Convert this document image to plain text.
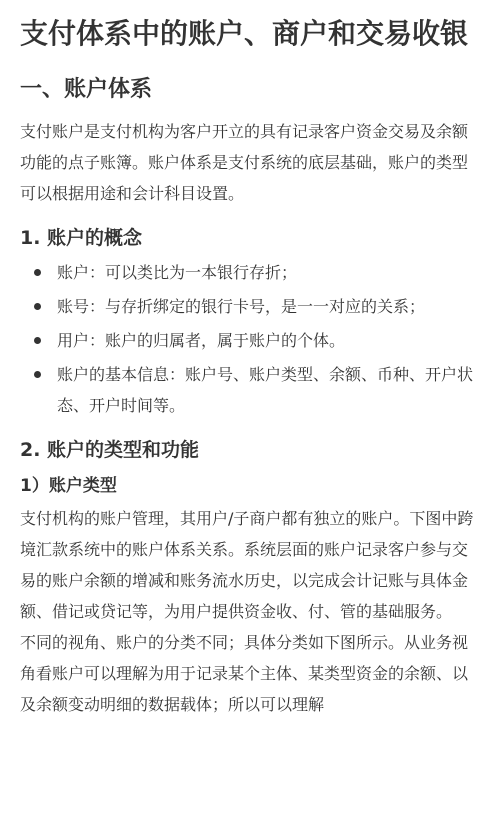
支付体系中的账户、商户和交易收银
一、账户体系

支付账户是支付机构为客户开立的具有记录客户资金交易及余额功能的点子账簿。账户体系是支付系统的底层基础，账户的类型可以根据用途和会计科目设置。

1. 账户的概念
账户：可以类比为一本银行存折；
账号：与存折绑定的银行卡号，是一一对应的关系；
用户：账户的归属者，属于账户的个体。
账户的基本信息：账户号、账户类型、余额、币种、开户状态、开户时间等。
2. 账户的类型和功能
1）账户类型

支付机构的账户管理，其用户/子商户都有独立的账户。下图中跨境汇款系统中的账户体系关系。系统层面的账户记录客户参与交易的账户余额的增减和账务流水历史，以完成会计记账与具体金额、借记或贷记等，为用户提供资金收、付、管的基础服务。

不同的视角、账户的分类不同；具体分类如下图所示。从业务视角看账户可以理解为用于记录某个主体、某类型资金的余额、以及余额变动明细的数据载体；所以可以理解
